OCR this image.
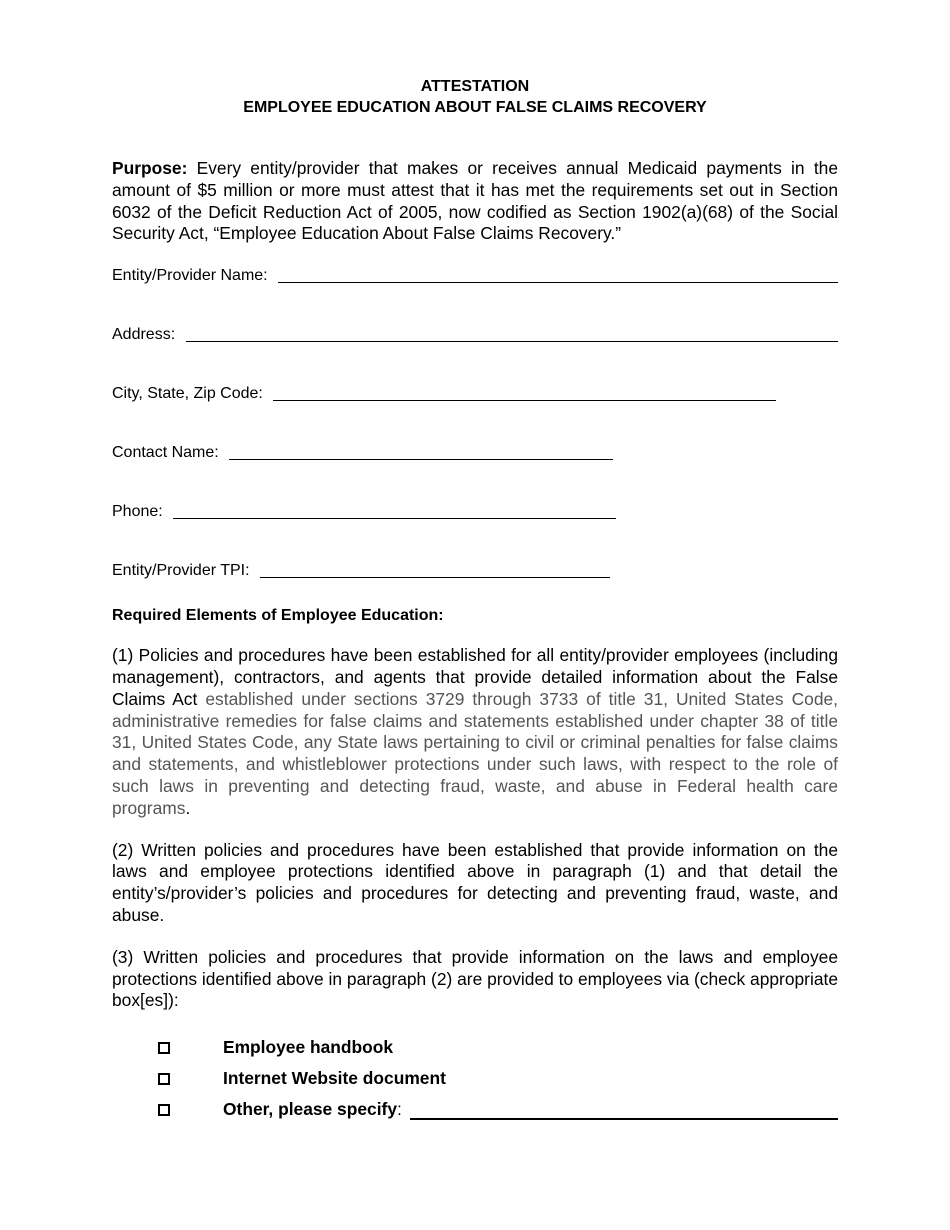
ATTESTATION

EMPLOYEE EDUCATION ABOUT FALSE CLAIMS RECOVERY

Purpose: Every entity/provider that makes or receives annual Medicaid payments in the amount of $5 million or more must attest that it has met the requirements set out in Section 6032 of the Deficit Reduction Act of 2005, now codified as Section 1902(a)(68) of the Social Security Act, “Employee Education About False Claims Recovery.”
Entity/Provider Name:
Address:
City, State, Zip Code:
Contact Name:
Phone:
Entity/Provider TPI:
Required Elements of Employee Education:
(1) Policies and procedures have been established for all entity/provider employees (including management), contractors, and agents that provide detailed information about the False Claims Act established under sections 3729 through 3733 of title 31, United States Code, administrative remedies for false claims and statements established under chapter 38 of title 31, United States Code, any State laws pertaining to civil or criminal penalties for false claims and statements, and whistleblower protections under such laws, with respect to the role of such laws in preventing and detecting fraud, waste, and abuse in Federal health care programs.
(2) Written policies and procedures have been established that provide information on the laws and employee protections identified above in paragraph (1) and that detail the entity’s/provider’s policies and procedures for detecting and preventing fraud, waste, and abuse.
(3) Written policies and procedures that provide information on the laws and employee protections identified above in paragraph (2) are provided to employees via (check appropriate box[es]):
Employee handbook
Internet Website document
Other, please specify :
